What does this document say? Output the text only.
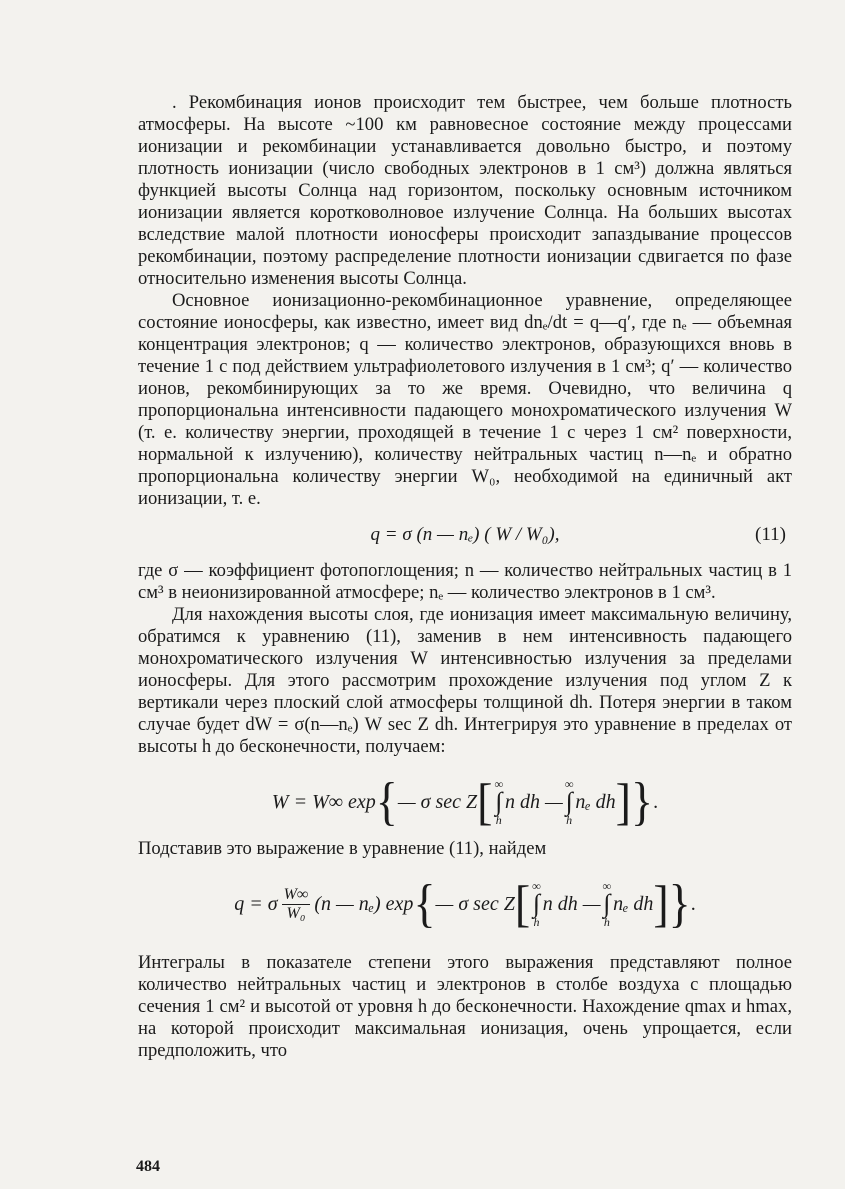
. Рекомбинация ионов происходит тем быстрее, чем больше плотность атмосферы. На высоте ~100 км равновесное состояние между процессами ионизации и рекомбинации устанавливается довольно быстро, и поэтому плотность ионизации (число свободных электронов в 1 см³) должна являться функцией высоты Солнца над горизонтом, поскольку основным источником ионизации является коротковолновое излучение Солнца. На больших высотах вследствие малой плотности ионосферы происходит запаздывание процессов рекомбинации, поэтому распределение плотности ионизации сдвигается по фазе относительно изменения высоты Солнца.

Основное ионизационно-рекомбинационное уравнение, определяющее состояние ионосферы, как известно, имеет вид dnₑ/dt = q—q′, где nₑ — объемная концентрация электронов; q — количество электронов, образующихся вновь в течение 1 с под действием ультрафиолетового излучения в 1 см³; q′ — количество ионов, рекомбинирующих за то же время. Очевидно, что величина q пропорциональна интенсивности падающего монохроматического излучения W (т. е. количеству энергии, проходящей в течение 1 с через 1 см² поверхности, нормальной к излучению), количеству нейтральных частиц n—nₑ и обратно пропорциональна количеству энергии W₀, необходимой на единичный акт ионизации, т. е.

q = σ (n — nₑ) ( W / W₀),	(11)

где σ — коэффициент фотопоглощения; n — количество нейтральных частиц в 1 см³ в неионизированной атмосфере; nₑ — количество электронов в 1 см³.

Для нахождения высоты слоя, где ионизация имеет максимальную величину, обратимся к уравнению (11), заменив в нем интенсивность падающего монохроматического излучения W интенсивностью излучения за пределами ионосферы. Для этого рассмотрим прохождение излучения под углом Z к вертикали через плоский слой атмосферы толщиной dh. Потеря энергии в таком случае будет dW = σ(n—nₑ) W sec Z dh. Интегрируя это уравнение в пределах от высоты h до бесконечности, получаем:

W = W∞ exp { — σ sec Z [ ∞
∫
h
n dh —
∞
∫
h
nₑ dh ] } .

Подставив это выражение в уравнение (11), найдем

q = σ $\frac{W\infty}{\text{W₀}} (n$ — nₑ) exp { — σ sec Z [ ∞
∫
h
n dh —
∞
∫
h
nₑ dh ] } .

Интегралы в показателе степени этого выражения представляют полное количество нейтральных частиц и электронов в столбе воздуха с площадью сечения 1 см² и высотой от уровня h до бесконечности. Нахождение qmax и hmax, на которой происходит максимальная ионизация, очень упрощается, если предположить, что

484
